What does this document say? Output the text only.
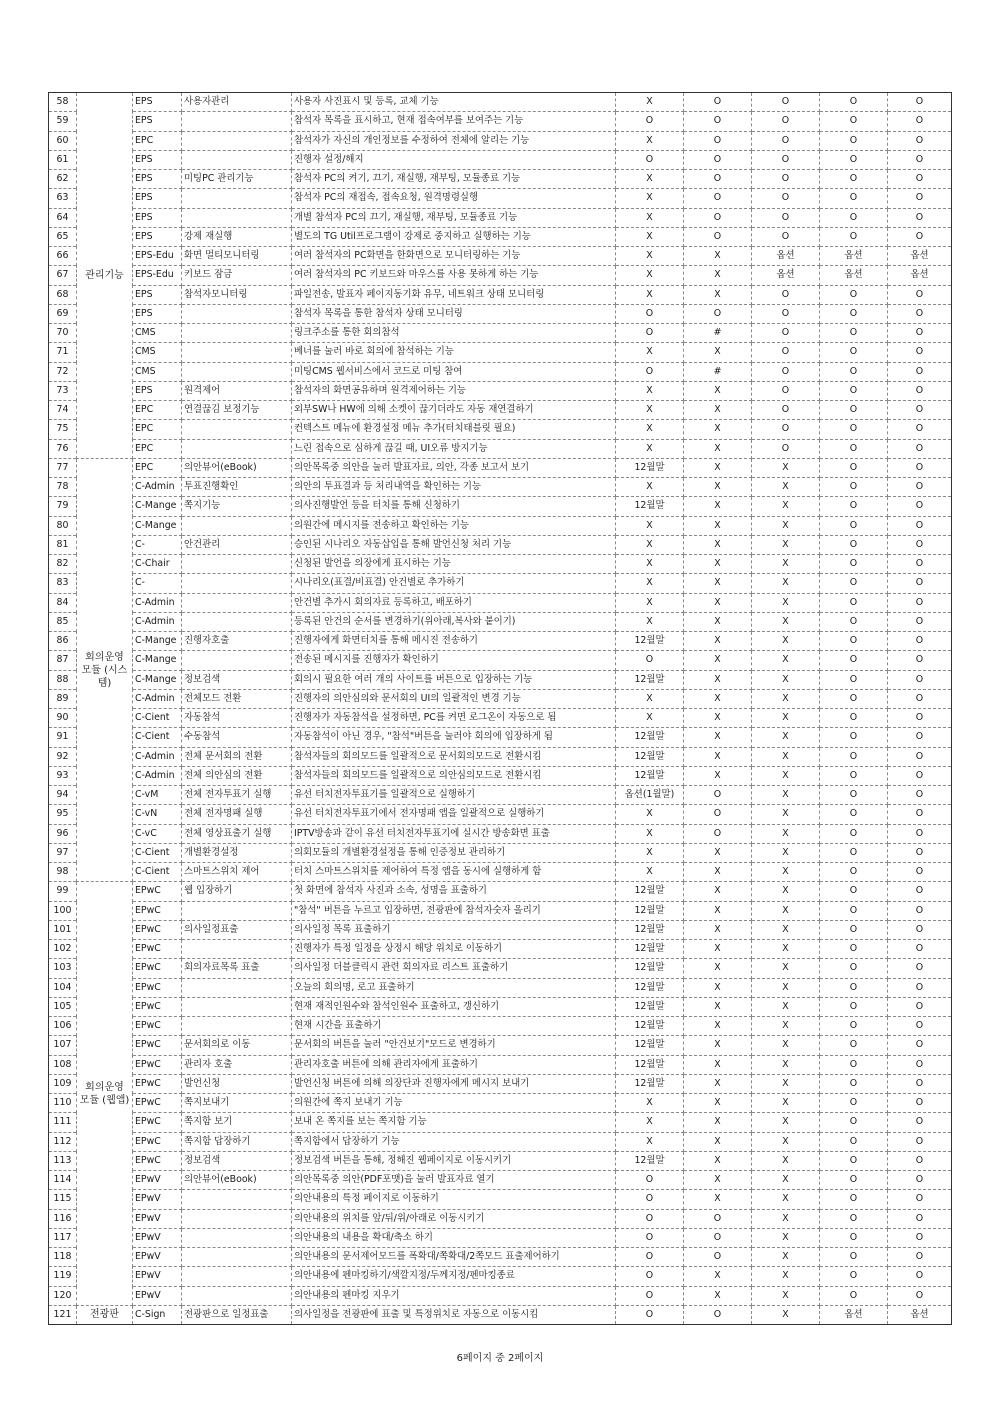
58	관리기능	EPS	사용자관리	사용자 사진표시 및 등록, 교체 기능	X	O	O	O	O
59		EPS		참석자 목록을 표시하고, 현재 접속여부를 보여주는 기능	O	O	O	O	O
60		EPC		참석자가 자신의 개인정보를 수정하여 전체에 알리는 기능	X	O	O	O	O
61		EPS		진행자 설정/해지	O	O	O	O	O
62		EPS	미팅PC 관리기능	참석자 PC의 켜기, 끄기, 재실행, 재부팅, 모듈종료 기능	X	O	O	O	O
63		EPS		참석자 PC의 재접속, 접속요청, 원격명령실행	X	O	O	O	O
64		EPS		개별 참석자 PC의 끄기, 재실행, 재부팅, 모듈종료 기능	X	O	O	O	O
65		EPS	강제 재실행	별도의 TG Util프로그램이 강제로 중지하고 실행하는 기능	X	O	O	O	O
66		EPS-Edu	화면 멀티모니터링	여러 참석자의 PC화면을 한화면으로 모니터링하는 기능	X	X	옵션	옵션	옵션
67		EPS-Edu	키보드 잠금	여러 참석자의 PC 키보드와 마우스를 사용 못하게 하는 기능	X	X	옵션	옵션	옵션
68		EPS	참석자모니터링	파일전송, 발표자 페이지동기화 유무, 네트워크 상태 모니터링	X	X	O	O	O
69		EPS		참석자 목록을 통한 참석자 상태 모니터링	O	O	O	O	O
70		CMS		링크주소를 통한 회의참석	O	#	O	O	O
71		CMS		베너를 눌러 바로 회의에 참석하는 기능	X	X	O	O	O
72		CMS		미팅CMS 웹서비스에서 코드로 미팅 참여	O	#	O	O	O
73		EPS	원격제어	참석자의 화면공유하며 원격제어하는 기능	X	X	O	O	O
74		EPC	연결끊김 보정기능	외부SW나 HW에 의해 소켓이 끊기더라도 자동 재연결하기	X	X	O	O	O
75		EPC		컨텍스트 메뉴에 환경설정 메뉴 추가(터치태블릿 필요)	X	X	O	O	O
76		EPC		느린 접속으로 심하게 끊길 때, UI오류 방지기능	X	X	O	O	O
77	회의운영 모듈 (시스템)	EPC	의안뷰어(eBook)	의안목록중 의안을 눌러 발표자료, 의안, 각종 보고서 보기	12월말	X	X	O	O
78		C-Admin	투표진행확인	의안의 투표결과 등 처리내역을 확인하는 기능	X	X	X	O	O
79		C-Mange	쪽지기능	의사진행발언 등을 터치를 통해 신청하기	12월말	X	X	O	O
80		C-Mange		의원간에 메시지를 전송하고 확인하는 기능	X	X	X	O	O
81		C-	안건관리	승인된 시나리오 자동삽입을 통해 발언신청 처리 기능	X	X	X	O	O
82		C-Chair		신청된 발언을 의장에게 표시하는 기능	X	X	X	O	O
83		C-		시나리오(표결/비표결) 안건별로 추가하기	X	X	X	O	O
84		C-Admin		안건별 추가시 회의자료 등록하고, 배포하기	X	X	X	O	O
85		C-Admin		등록된 안건의 순서를 변경하기(위아래,복사와 붙이기)	X	X	X	O	O
86		C-Mange	진행자호출	진행자에게 화면터치를 통해 메시진 전송하기	12월말	X	X	O	O
87		C-Mange		전송된 메시지를 진행자가 확인하기	O	X	X	O	O
88		C-Mange	정보검색	회의시 필요한 여러 개의 사이트를 버튼으로 입장하는 기능	12월말	X	X	O	O
89		C-Admin	전체모드 전환	진행자의 의안심의와 문서회의 UI의 일괄적인 변경 기능	X	X	X	O	O
90		C-Cient	자동참석	진행자가 자동참석을 설정하면, PC를 켜면 로그온이 자동으로 됨	X	X	X	O	O
91		C-Cient	수동참석	자동참석이 아닌 경우, "참석"버튼을 눌러야 회의에 입장하게 됨	12월말	X	X	O	O
92		C-Admin	전체 문서회의 전환	참석자들의 회의모드를 일괄적으로 문서회의모드로 전환시킴	12월말	X	X	O	O
93		C-Admin	전체 의안심의 전환	참석자들의 회의모드를 일괄적으로 의안심의모드로 전환시킴	12월말	X	X	O	O
94		C-vM	전체 전자투표기 실행	유선 터치전자투표기를 일괄적으로 실행하기	옵션(1월말)	O	X	O	O
95		C-vN	전체 전자명패 실행	유선 터치전자투표기에서 전자명패 앱을 일괄적으로 실행하기	X	O	X	O	O
96		C-vC	전체 영상표출기 실행	IPTV방송과 같이 유선 터치전자투표기에 실시간 방송화면 표출	X	O	X	O	O
97		C-Cient	개별환경설정	의회모듈의 개별환경설정을 통해 인증정보 관리하기	X	X	X	O	O
98		C-Cient	스마트스위치 제어	터치 스마트스위치를 제어하여 특정 앱을 동시에 실행하게 함	X	X	X	O	O
99	회의운영 모듈 (웹앱)	EPwC	웹 입장하기	첫 화면에 참석자 사진과 소속, 성명을 표출하기	12월말	X	X	O	O
100		EPwC		"참석" 버튼을 누르고 입장하면, 전광판에 참석자숫자 올리기	12월말	X	X	O	O
101		EPwC	의사일정표출	의사일정 목록 표출하기	12월말	X	X	O	O
102		EPwC		진행자가 특정 일정을 상정시 해당 위치로 이동하기	12월말	X	X	O	O
103		EPwC	회의자료목록 표출	의사일정 더블클릭시 관련 회의자료 리스트 표출하기	12월말	X	X	O	O
104		EPwC		오늘의 회의명, 로고 표출하기	12월말	X	X	O	O
105		EPwC		현재 재적인원수와 참석인원수 표출하고, 갱신하기	12월말	X	X	O	O
106		EPwC		현재 시간을 표출하기	12월말	X	X	O	O
107		EPwC	문서회의로 이동	문서회의 버튼을 눌러 "안건보기"모드로 변경하기	12월말	X	X	O	O
108		EPwC	관리자 호출	관리자호출 버튼에 의해 관리자에게 표출하기	12월말	X	X	O	O
109		EPwC	발언신청	발언신청 버튼에 의해 의장단과 진행자에게 메시지 보내기	12월말	X	X	O	O
110		EPwC	쪽지보내기	의원간에 쪽지 보내기 기능	X	X	X	O	O
111		EPwC	쪽지함 보기	보내 온 쪽지를 보는 쪽지함 기능	X	X	X	O	O
112		EPwC	쪽지함 답장하기	쪽지함에서 답장하기 기능	X	X	X	O	O
113		EPwC	정보검색	정보검색 버튼을 통해, 정해진 웹페이지로 이동시키기	12월말	X	X	O	O
114		EPwV	의안뷰어(eBook)	의안목록중 의안(PDF포맷)을 눌러 발표자료 열기	O	X	X	O	O
115		EPwV		의안내용의 특정 페이지로 이동하기	O	X	X	O	O
116		EPwV		의안내용의 위치를 앞/뒤/위/아래로 이동시키기	O	O	X	O	O
117		EPwV		의안내용의 내용을 확대/축소 하기	O	O	X	O	O
118		EPwV		의안내용의 문서제어모드를 폭확대/쪽확대/2쪽모드 표출제어하기	O	O	X	O	O
119		EPwV		의안내용에 펜마킹하기/색깔지정/두께지정/펜마킹종료	O	X	X	O	O
120		EPwV		의안내용의 펜마킹 지우기	O	X	X	O	O
121	전광판	C-Sign	전광판으로 일정표출	의사일정을 전광판에 표출 및 특정위치로 자동으로 이동시킴	O	O	X	옵션	옵션
6페이지 중 2페이지
